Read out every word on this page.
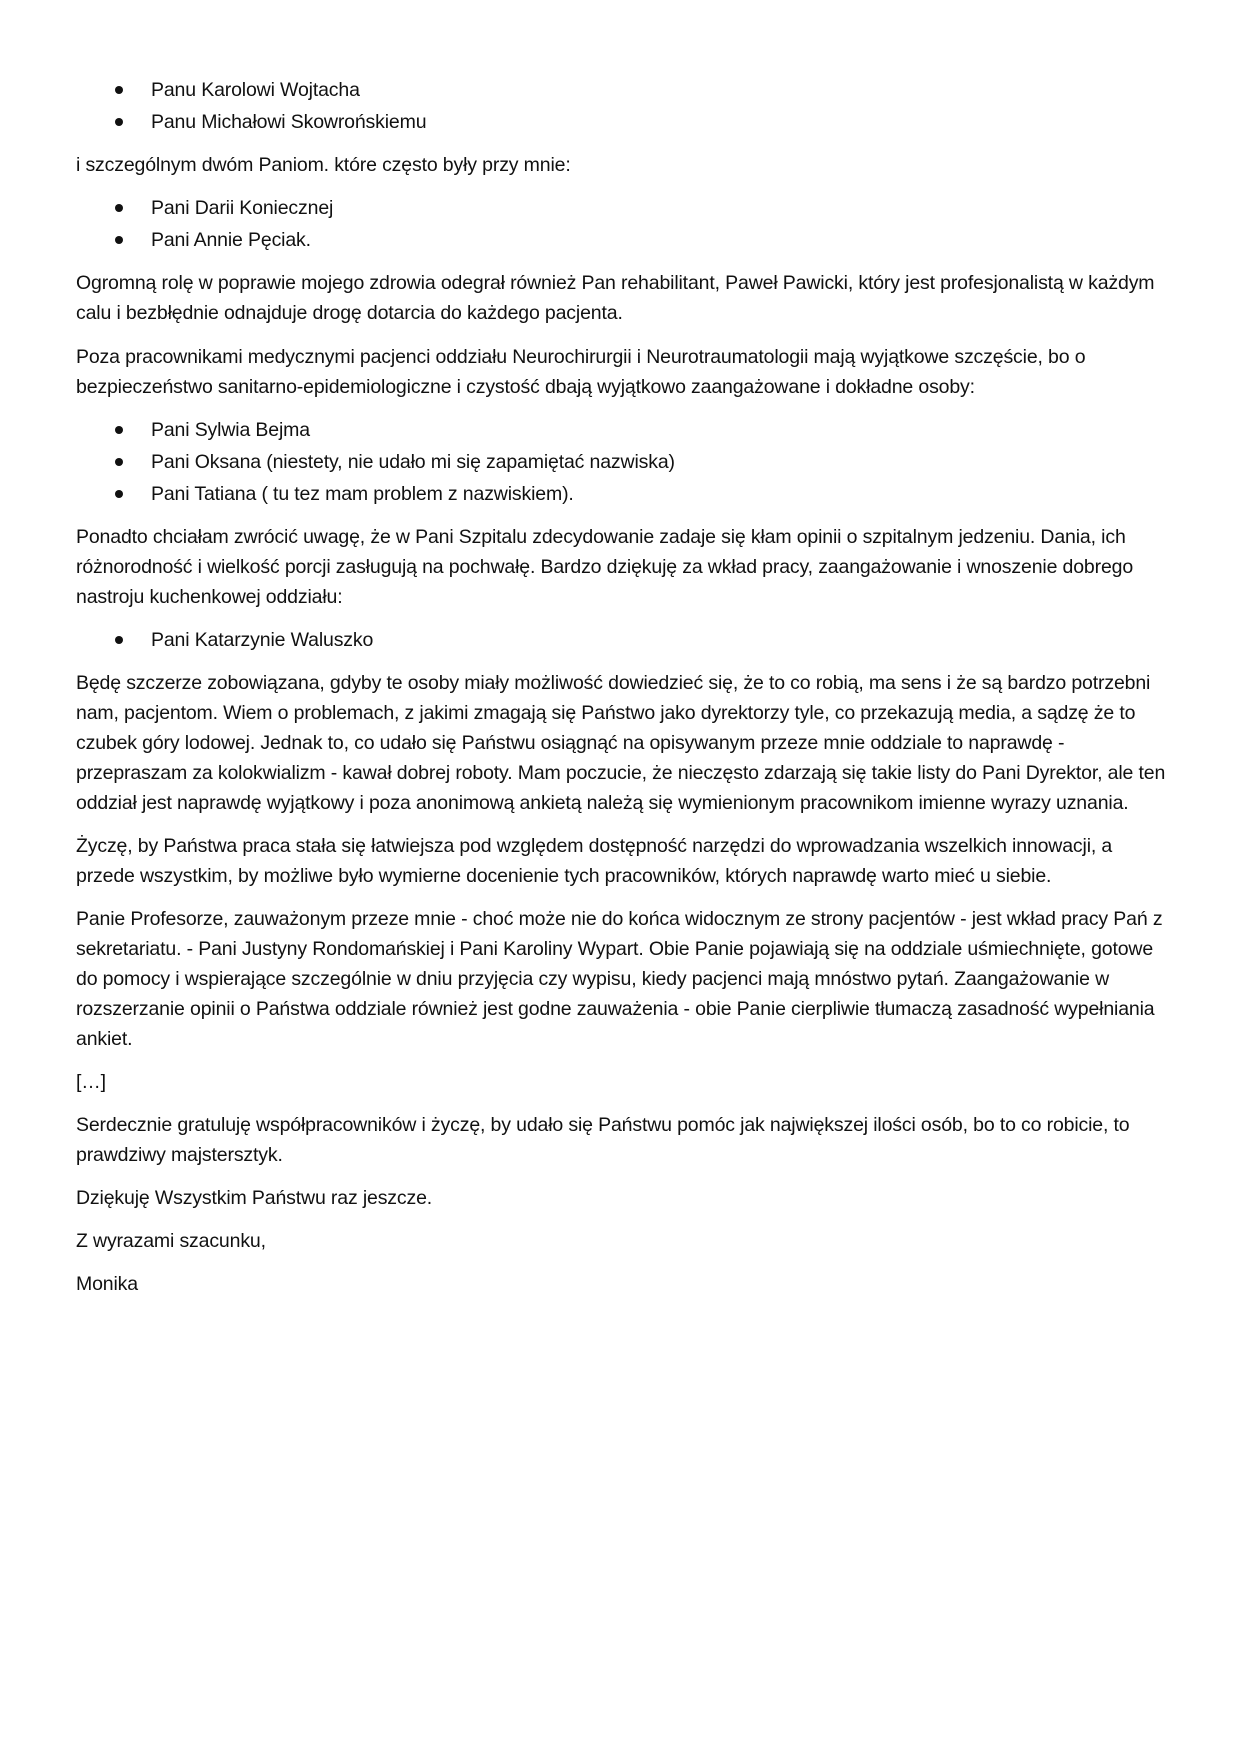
Panu Karolowi Wojtacha
Panu Michałowi Skowrońskiemu

i szczególnym dwóm Paniom. które często były przy mnie:

Pani Darii Koniecznej
Pani Annie Pęciak.

Ogromną rolę w poprawie mojego zdrowia odegrał również Pan rehabilitant, Paweł Pawicki, który jest profesjonalistą w każdym calu i bezbłędnie odnajduje drogę dotarcia do każdego pacjenta.

Poza pracownikami medycznymi pacjenci oddziału Neurochirurgii i Neurotraumatologii mają wyjątkowe szczęście, bo o bezpieczeństwo sanitarno-epidemiologiczne i czystość dbają wyjątkowo zaangażowane i dokładne osoby:

Pani Sylwia Bejma
Pani Oksana (niestety, nie udało mi się zapamiętać nazwiska)
Pani Tatiana ( tu tez mam problem z nazwiskiem).

Ponadto chciałam zwrócić uwagę, że w Pani Szpitalu zdecydowanie zadaje się kłam opinii o szpitalnym jedzeniu. Dania, ich różnorodność i wielkość porcji zasługują na pochwałę. Bardzo dziękuję za wkład pracy, zaangażowanie i wnoszenie dobrego nastroju kuchenkowej oddziału:

Pani Katarzynie Waluszko

Będę szczerze zobowiązana, gdyby te osoby miały możliwość dowiedzieć się, że to co robią, ma sens i że są bardzo potrzebni nam, pacjentom. Wiem o problemach, z jakimi zmagają się Państwo jako dyrektorzy tyle, co przekazują media, a sądzę że to czubek góry lodowej. Jednak to, co udało się Państwu osiągnąć na opisywanym przeze mnie oddziale to naprawdę - przepraszam za kolokwializm - kawał dobrej roboty. Mam poczucie, że nieczęsto zdarzają się takie listy do Pani Dyrektor, ale ten oddział jest naprawdę wyjątkowy i poza anonimową ankietą należą się wymienionym pracownikom imienne wyrazy uznania.

Życzę, by Państwa praca stała się łatwiejsza pod względem dostępność narzędzi do wprowadzania wszelkich innowacji, a przede wszystkim, by możliwe było wymierne docenienie tych pracowników, których naprawdę warto mieć u siebie.

Panie Profesorze, zauważonym przeze mnie - choć może nie do końca widocznym ze strony pacjentów - jest wkład pracy Pań z sekretariatu. - Pani Justyny Rondomańskiej i Pani Karoliny Wypart. Obie Panie pojawiają się na oddziale uśmiechnięte, gotowe do pomocy i wspierające szczególnie w dniu przyjęcia czy wypisu, kiedy pacjenci mają mnóstwo pytań. Zaangażowanie w rozszerzanie opinii o Państwa oddziale również jest godne zauważenia - obie Panie cierpliwie tłumaczą zasadność wypełniania ankiet.

[…]

Serdecznie gratuluję współpracowników i życzę, by udało się Państwu pomóc jak największej ilości osób, bo to co robicie, to prawdziwy majstersztyk.

Dziękuję Wszystkim Państwu raz jeszcze.

Z wyrazami szacunku,

Monika
